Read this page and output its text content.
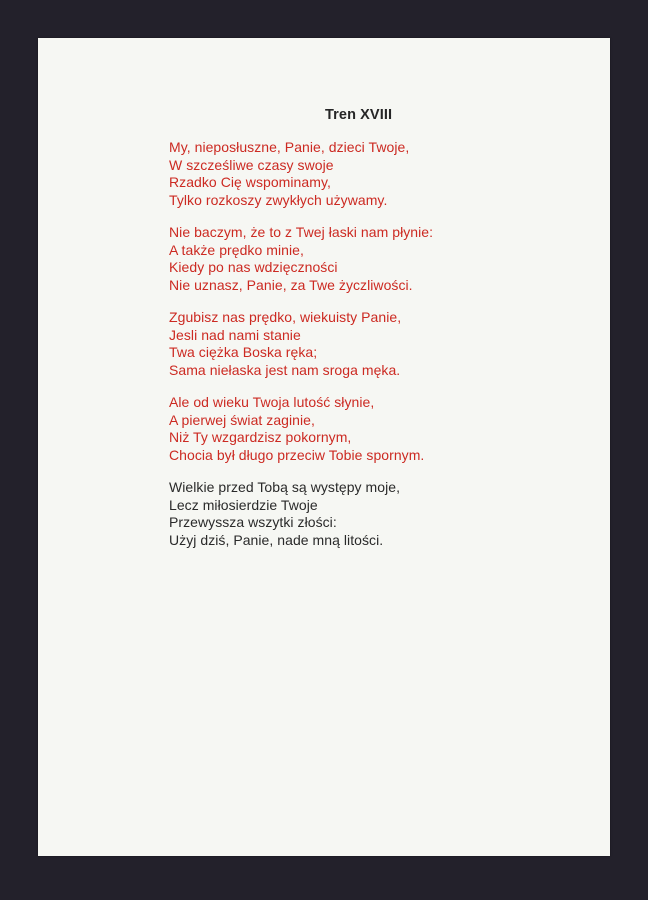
Tren XVIII
My, nieposłuszne, Panie, dzieci Twoje,
W szcześliwe czasy swoje
Rzadko Cię wspominamy,
Tylko rozkoszy zwykłych używamy.
Nie baczym, że to z Twej łaski nam płynie:
A także prędko minie,
Kiedy po nas wdzięczności
Nie uznasz, Panie, za Twe życzliwości.
Zgubisz nas prędko, wiekuisty Panie,
Jesli nad nami stanie
Twa ciężka Boska ręka;
Sama niełaska jest nam sroga męka.
Ale od wieku Twoja lutość słynie,
A pierwej świat zaginie,
Niż Ty wzgardzisz pokornym,
Chocia był długo przeciw Tobie spornym.
Wielkie przed Tobą są występy moje,
Lecz miłosierdzie Twoje
Przewyssza wszytki złości:
Użyj dziś, Panie, nade mną litości.
